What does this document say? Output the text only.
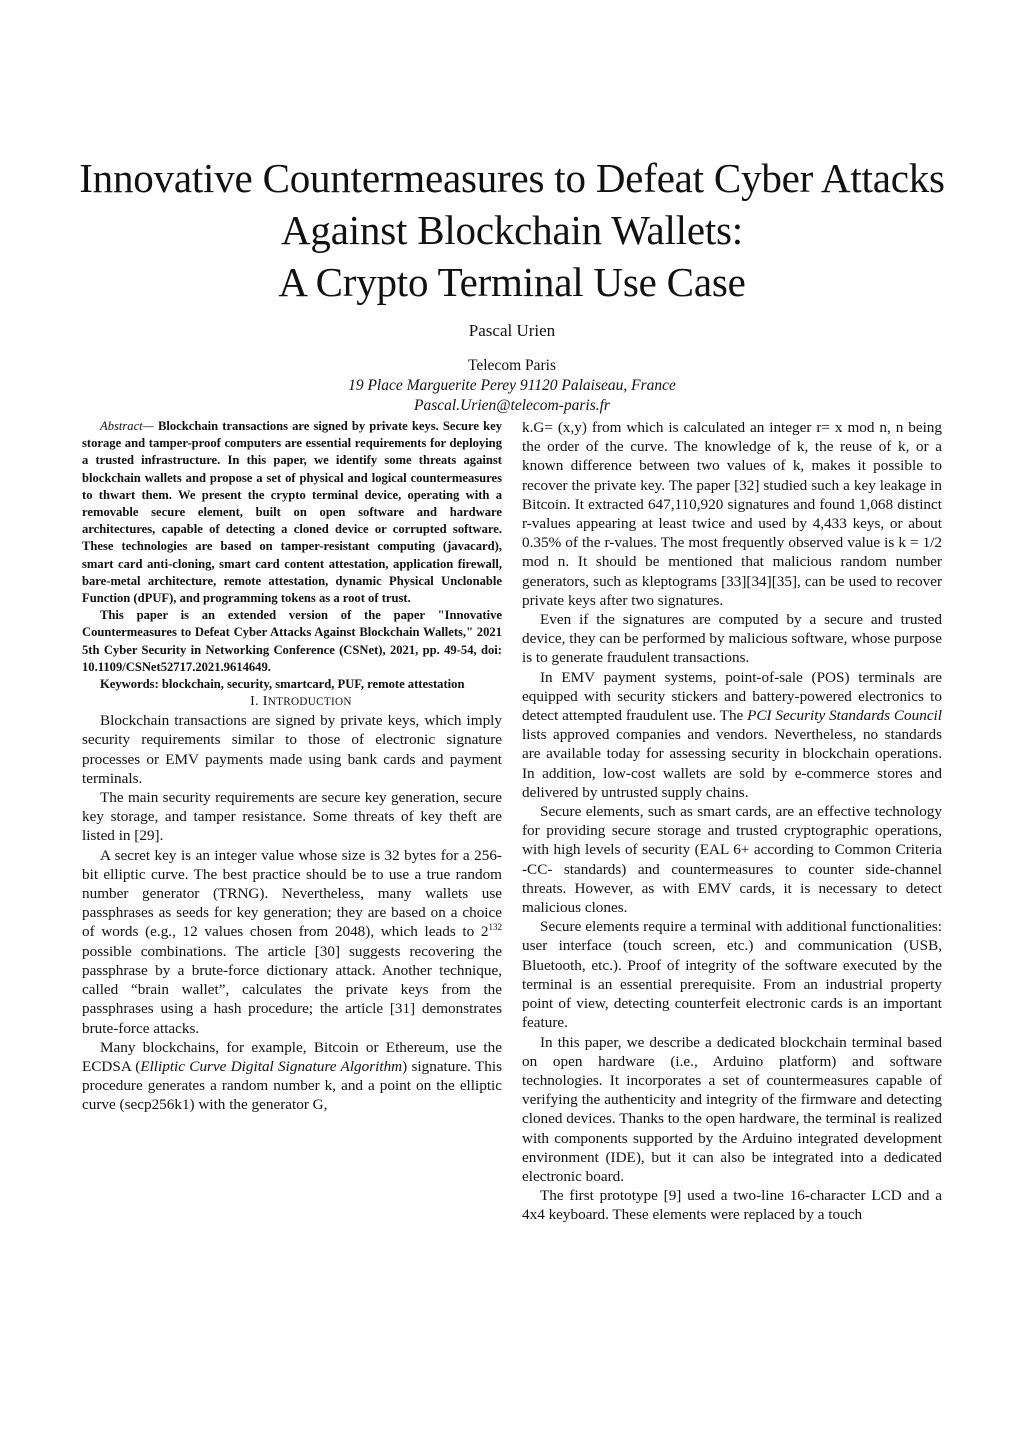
Innovative Countermeasures to Defeat Cyber Attacks
Against Blockchain Wallets:
A Crypto Terminal Use Case
Pascal Urien
Telecom Paris
19 Place Marguerite Perey 91120 Palaiseau, France
Pascal.Urien@telecom-paris.fr

Abstract— Blockchain transactions are signed by private keys. Secure key storage and tamper-proof computers are essential requirements for deploying a trusted infrastructure. In this paper, we identify some threats against blockchain wallets and propose a set of physical and logical countermeasures to thwart them. We present the crypto terminal device, operating with a removable secure element, built on open software and hardware architectures, capable of detecting a cloned device or corrupted software. These technologies are based on tamper-resistant computing (javacard), smart card anti-cloning, smart card content attestation, application firewall, bare-metal architecture, remote attestation, dynamic Physical Unclonable Function (dPUF), and programming tokens as a root of trust.

This paper is an extended version of the paper "Innovative Countermeasures to Defeat Cyber Attacks Against Blockchain Wallets," 2021 5th Cyber Security in Networking Conference (CSNet), 2021, pp. 49-54, doi: 10.1109/CSNet52717.2021.9614649.

Keywords: blockchain, security, smartcard, PUF, remote attestation

I. INTRODUCTION

Blockchain transactions are signed by private keys, which imply security requirements similar to those of electronic signature processes or EMV payments made using bank cards and payment terminals.

The main security requirements are secure key generation, secure key storage, and tamper resistance. Some threats of key theft are listed in [29].

A secret key is an integer value whose size is 32 bytes for a 256-bit elliptic curve. The best practice should be to use a true random number generator (TRNG). Nevertheless, many wallets use passphrases as seeds for key generation; they are based on a choice of words (e.g., 12 values chosen from 2048), which leads to $2^{132}$ possible combinations. The article [30] suggests recovering the passphrase by a brute-force dictionary attack. Another technique, called “brain wallet”, calculates the private keys from the passphrases using a hash procedure; the article [31] demonstrates brute-force attacks.

Many blockchains, for example, Bitcoin or Ethereum, use the ECDSA (Elliptic Curve Digital Signature Algorithm) signature. This procedure generates a random number k, and a point on the elliptic curve (secp256k1) with the generator G,

k.G= (x,y) from which is calculated an integer r= x mod n, n being the order of the curve. The knowledge of k, the reuse of k, or a known difference between two values of k, makes it possible to recover the private key. The paper [32] studied such a key leakage in Bitcoin. It extracted 647,110,920 signatures and found 1,068 distinct r-values appearing at least twice and used by 4,433 keys, or about 0.35% of the r-values. The most frequently observed value is k = 1/2 mod n. It should be mentioned that malicious random number generators, such as kleptograms [33][34][35], can be used to recover private keys after two signatures.

Even if the signatures are computed by a secure and trusted device, they can be performed by malicious software, whose purpose is to generate fraudulent transactions.

In EMV payment systems, point-of-sale (POS) terminals are equipped with security stickers and battery-powered electronics to detect attempted fraudulent use. The PCI Security Standards Council lists approved companies and vendors. Nevertheless, no standards are available today for assessing security in blockchain operations. In addition, low-cost wallets are sold by e-commerce stores and delivered by untrusted supply chains.

Secure elements, such as smart cards, are an effective technology for providing secure storage and trusted cryptographic operations, with high levels of security (EAL 6+ according to Common Criteria -CC- standards) and countermeasures to counter side-channel threats. However, as with EMV cards, it is necessary to detect malicious clones.

Secure elements require a terminal with additional functionalities: user interface (touch screen, etc.) and communication (USB, Bluetooth, etc.). Proof of integrity of the software executed by the terminal is an essential prerequisite. From an industrial property point of view, detecting counterfeit electronic cards is an important feature.

In this paper, we describe a dedicated blockchain terminal based on open hardware (i.e., Arduino platform) and software technologies. It incorporates a set of countermeasures capable of verifying the authenticity and integrity of the firmware and detecting cloned devices. Thanks to the open hardware, the terminal is realized with components supported by the Arduino integrated development environment (IDE), but it can also be integrated into a dedicated electronic board.

The first prototype [9] used a two-line 16-character LCD and a 4x4 keyboard. These elements were replaced by a touch
